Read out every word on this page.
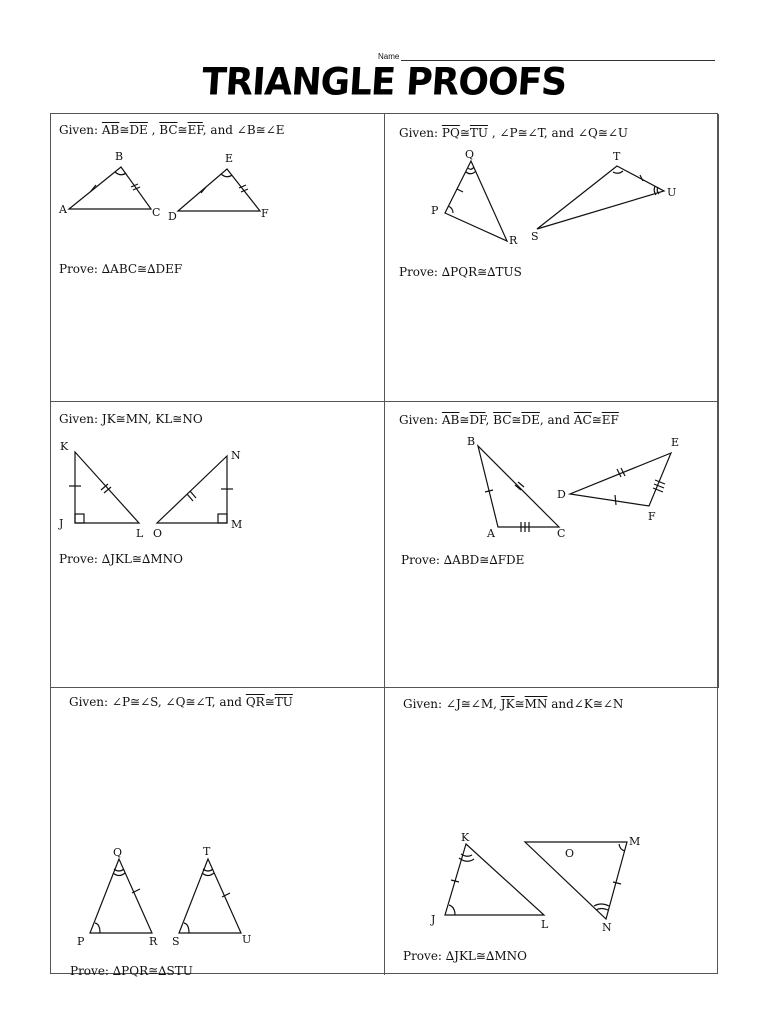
Name
TRIANGLE PROOFS
Given: $\overline{AB}≅\overline{DE}$ , $\overline{BC}≅\overline{EF}$, and ∠B≅∠E
A
B
C D
E
F
Prove: ∆ABC≅∆DEF
Given: $\overline{PQ}≅\overline{TU}$ , ∠P≅∠T, and ∠Q≅∠U
Q
P
R
T
U
S
Prove: ∆PQR≅∆TUS
Given: JK≅MN, KL≅NO
K
J
L
N
O
M
Prove: ∆JKL≅∆MNO
Given: $\overline{AB}≅\overline{DF}$, $\overline{BC}≅\overline{DE}$, and $\overline{AC}≅\overline{EF}$
B
A	C
E
D
F
Prove: ∆ABD≅∆FDE
Given: ∠P≅∠S, ∠Q≅∠T, and $\overline{QR}≅\overline{TU}$
Q
P	R
T
S	U
Prove: ∆PQR≅∆STU
Given: ∠J≅∠M, $\overline{JK}≅\overline{MN}$ and∠K≅∠N
K
J	L
O
M
N
Prove: ∆JKL≅∆MNO
